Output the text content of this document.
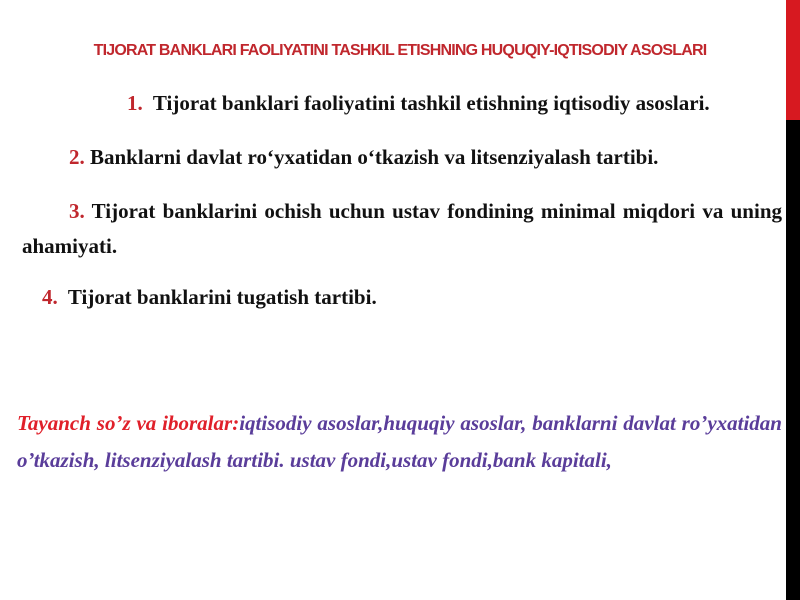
TIJORAT BANKLARI FAOLIYATINI TASHKIL ETISHNING HUQUQIY-IQTISODIY ASOSLARI
1. Tijorat banklari faoliyatini tashkil etishning iqtisodiy asoslari.
2. Banklarni davlat ro‘yxatidan o‘tkazish va litsenziyalash tartibi.
3. Tijorat banklarini ochish uchun ustav fondining minimal miqdori va uning ahamiyati.
4. Tijorat banklarini tugatish tartibi.
Tayanch so’z va iboralar:iqtisodiy asoslar,huquqiy asoslar, banklarni davlat ro’yxatidan o’tkazish, litsenziyalash tartibi. ustav fondi,ustav fondi,bank kapitali,
